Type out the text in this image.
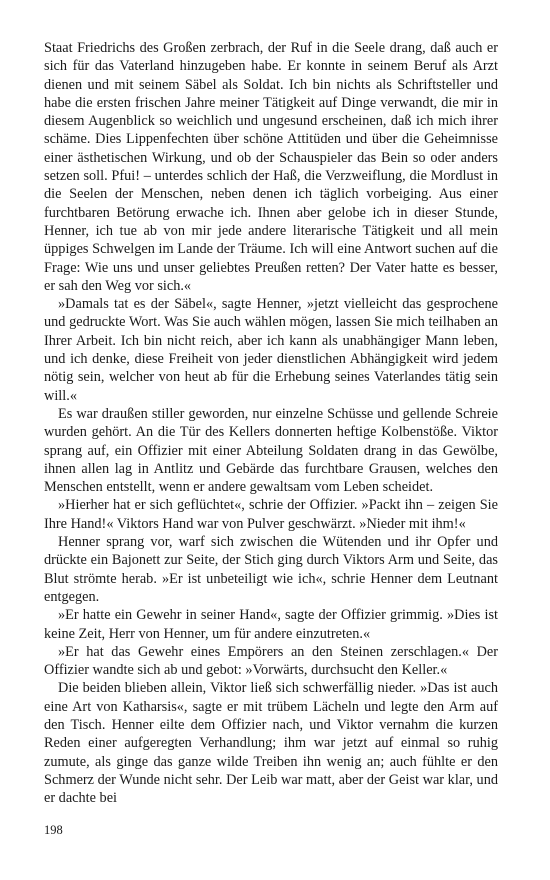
Staat Friedrichs des Großen zerbrach, der Ruf in die Seele drang, daß auch er sich für das Vaterland hinzugeben habe. Er konnte in seinem Beruf als Arzt dienen und mit seinem Säbel als Soldat. Ich bin nichts als Schriftsteller und habe die ersten frischen Jahre meiner Tätigkeit auf Dinge verwandt, die mir in diesem Augenblick so weichlich und ungesund erscheinen, daß ich mich ihrer schäme. Dies Lippenfechten über schöne Attitüden und über die Geheimnisse einer ästhetischen Wirkung, und ob der Schauspieler das Bein so oder anders setzen soll. Pfui! – unterdes schlich der Haß, die Verzweiflung, die Mordlust in die Seelen der Menschen, neben denen ich täglich vorbeiging. Aus einer furchtbaren Betörung erwache ich. Ihnen aber gelobe ich in dieser Stunde, Henner, ich tue ab von mir jede andere literarische Tätigkeit und all mein üppiges Schwelgen im Lande der Träume. Ich will eine Antwort suchen auf die Frage: Wie uns und unser geliebtes Preußen retten? Der Vater hatte es besser, er sah den Weg vor sich.«

»Damals tat es der Säbel«, sagte Henner, »jetzt vielleicht das gesprochene und gedruckte Wort. Was Sie auch wählen mögen, lassen Sie mich teilhaben an Ihrer Arbeit. Ich bin nicht reich, aber ich kann als unabhängiger Mann leben, und ich denke, diese Freiheit von jeder dienstlichen Abhängigkeit wird jedem nötig sein, welcher von heut ab für die Erhebung seines Vaterlandes tätig sein will.«

Es war draußen stiller geworden, nur einzelne Schüsse und gellende Schreie wurden gehört. An die Tür des Kellers donnerten heftige Kolbenstöße. Viktor sprang auf, ein Offizier mit einer Abteilung Soldaten drang in das Gewölbe, ihnen allen lag in Antlitz und Gebärde das furchtbare Grausen, welches den Menschen entstellt, wenn er andere gewaltsam vom Leben scheidet.

»Hierher hat er sich geflüchtet«, schrie der Offizier. »Packt ihn – zeigen Sie Ihre Hand!« Viktors Hand war von Pulver geschwärzt. »Nieder mit ihm!«

Henner sprang vor, warf sich zwischen die Wütenden und ihr Opfer und drückte ein Bajonett zur Seite, der Stich ging durch Viktors Arm und Seite, das Blut strömte herab. »Er ist unbeteiligt wie ich«, schrie Henner dem Leutnant entgegen.

»Er hatte ein Gewehr in seiner Hand«, sagte der Offizier grimmig. »Dies ist keine Zeit, Herr von Henner, um für andere einzutreten.«

»Er hat das Gewehr eines Empörers an den Steinen zerschlagen.« Der Offizier wandte sich ab und gebot: »Vorwärts, durchsucht den Keller.«

Die beiden blieben allein, Viktor ließ sich schwerfällig nieder. »Das ist auch eine Art von Katharsis«, sagte er mit trübem Lächeln und legte den Arm auf den Tisch. Henner eilte dem Offizier nach, und Viktor vernahm die kurzen Reden einer aufgeregten Verhandlung; ihm war jetzt auf einmal so ruhig zumute, als ginge das ganze wilde Treiben ihn wenig an; auch fühlte er den Schmerz der Wunde nicht sehr. Der Leib war matt, aber der Geist war klar, und er dachte bei

198
